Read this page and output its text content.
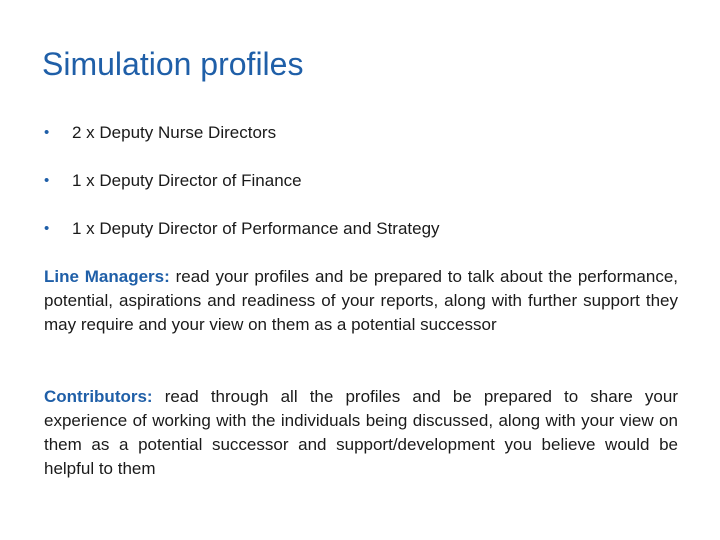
Simulation profiles
•	2 x Deputy Nurse Directors
•	1 x Deputy Director of Finance
•	1 x Deputy Director of Performance and Strategy

Line Managers: read your profiles and be prepared to talk about the performance, potential, aspirations and readiness of your reports, along with further support they may require and your view on them as a potential successor

Contributors: read through all the profiles and be prepared to share your experience of working with the individuals being discussed, along with your view on them as a potential successor and support/development you believe would be helpful to them
